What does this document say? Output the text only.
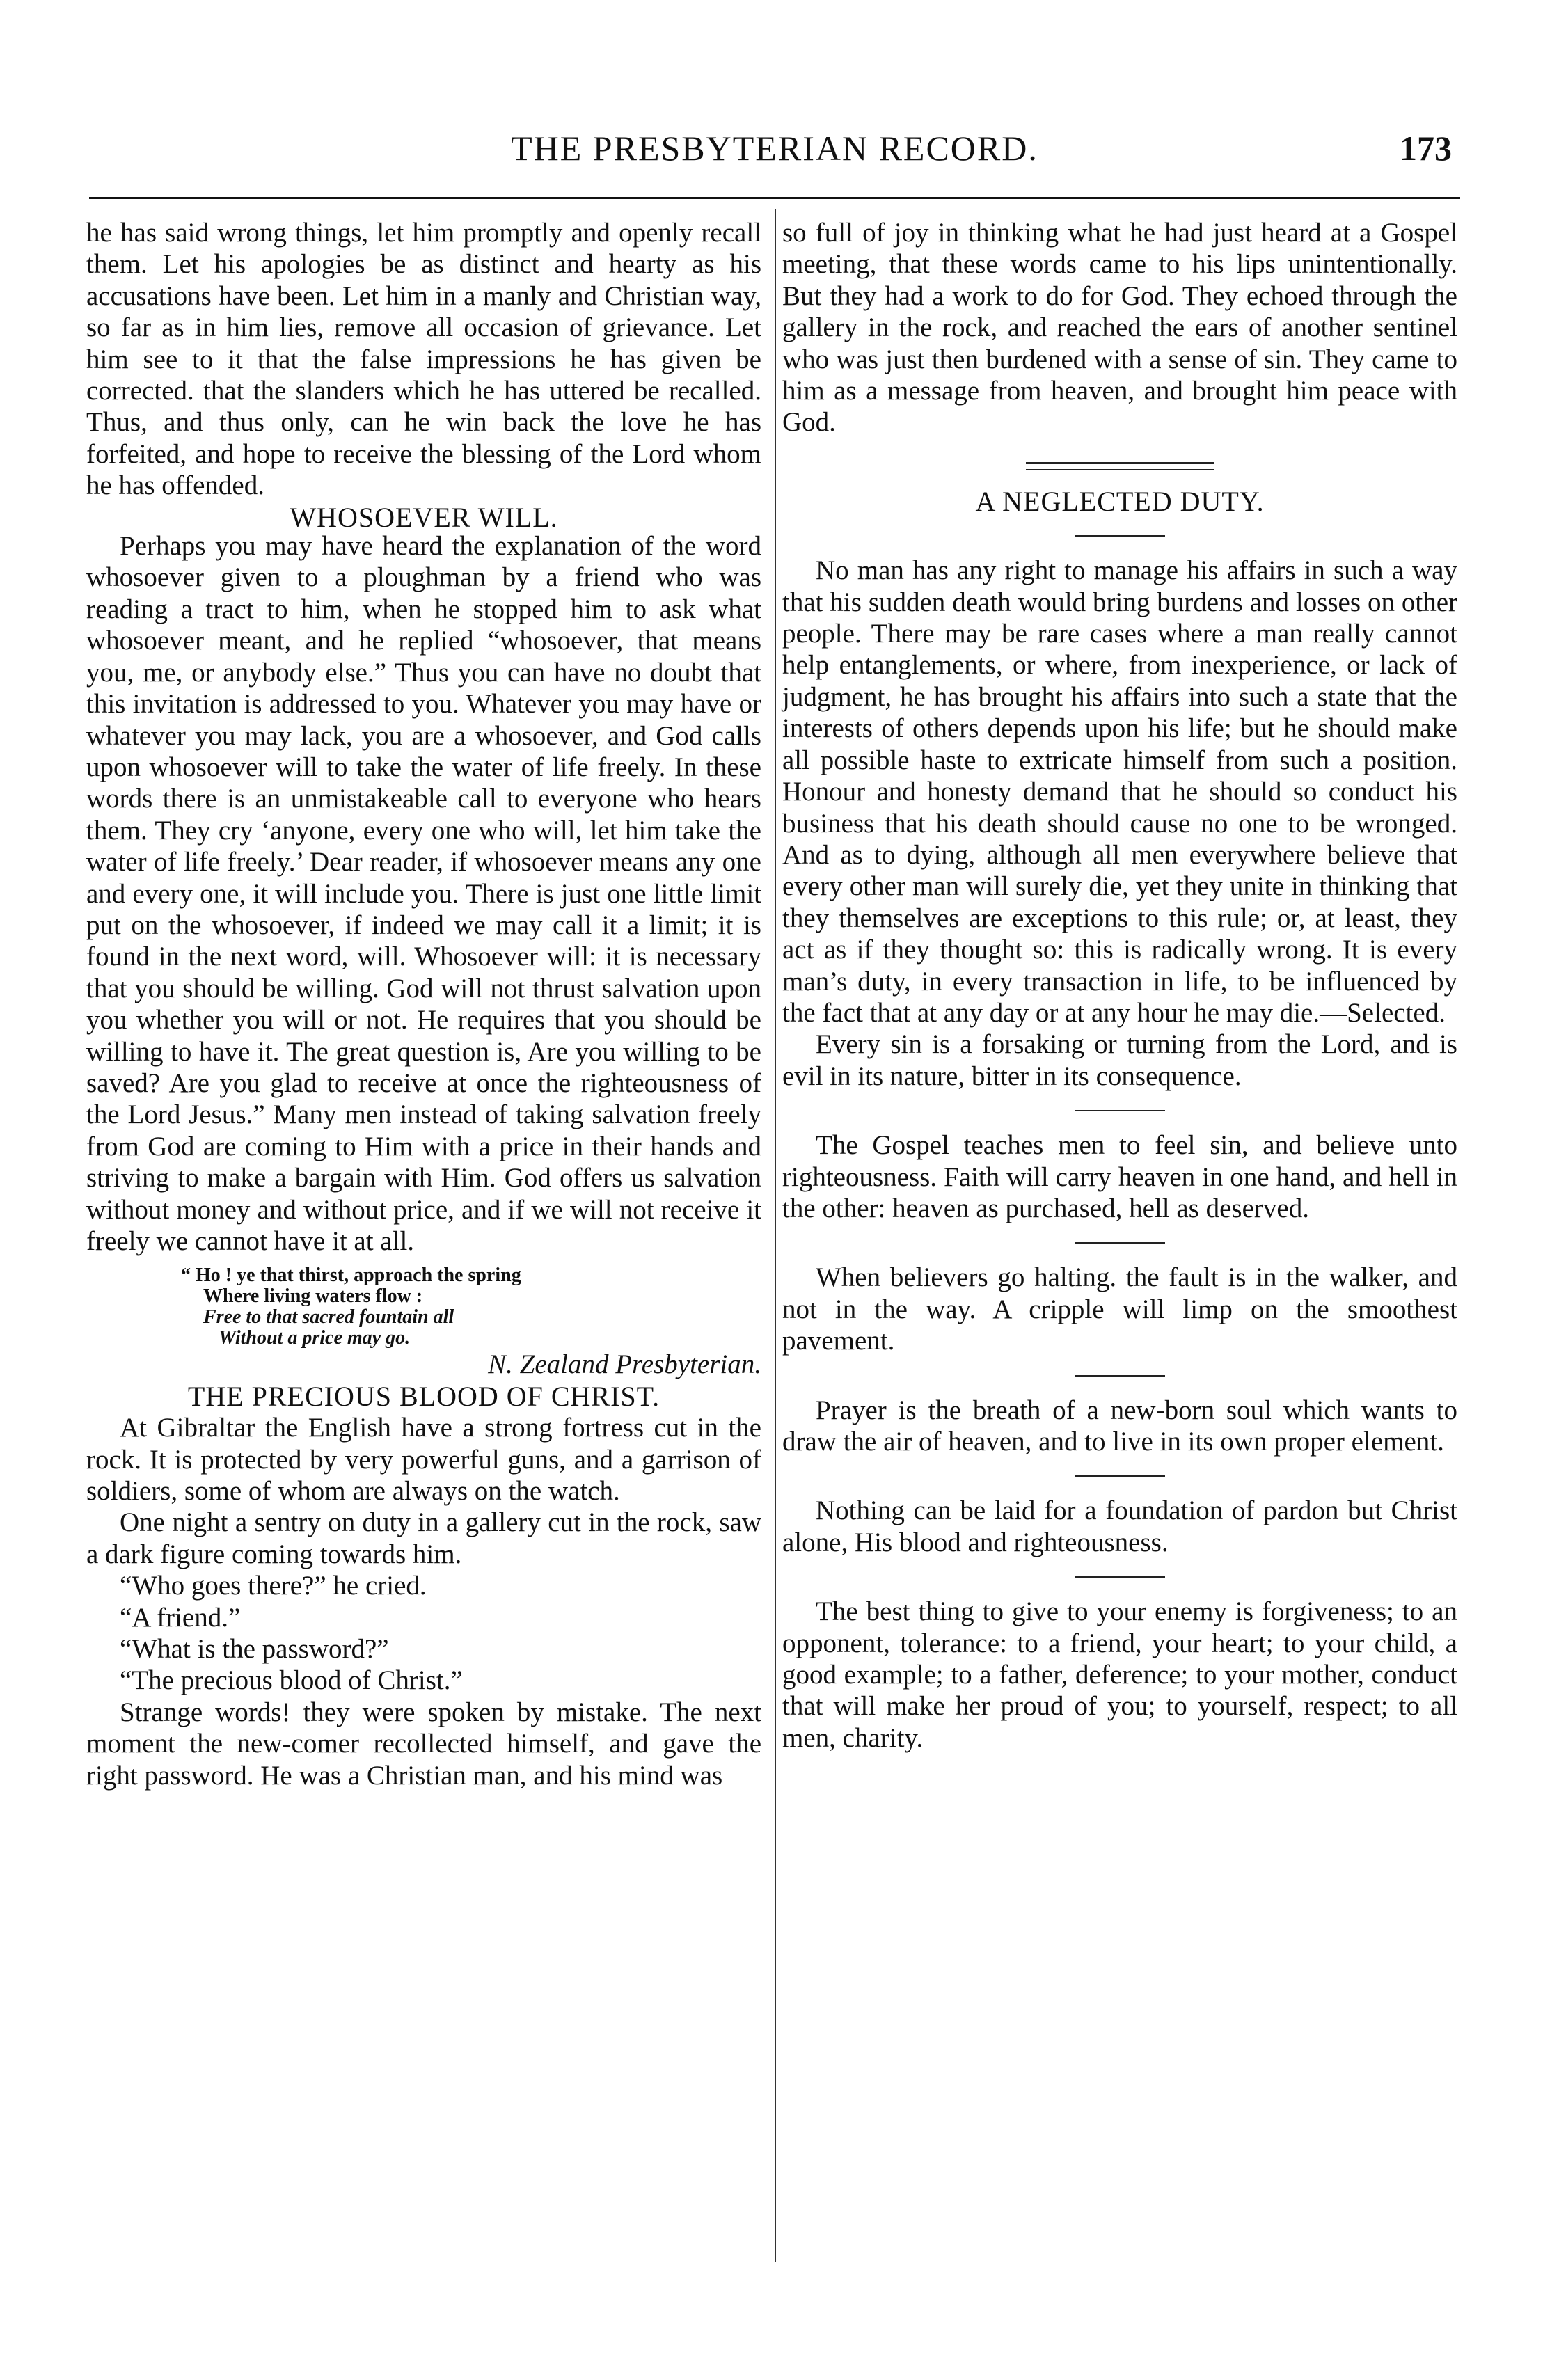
THE PRESBYTERIAN RECORD.	173

he has said wrong things, let him promptly and openly recall them. Let his apologies be as distinct and hearty as his accusations have been. Let him in a manly and Christian way, so far as in him lies, remove all occasion of grievance. Let him see to it that the false impressions he has given be corrected. that the slanders which he has uttered be recalled. Thus, and thus only, can he win back the love he has forfeited, and hope to receive the blessing of the Lord whom he has offended.

WHOSOEVER WILL.

Perhaps you may have heard the explanation of the word whosoever given to a ploughman by a friend who was reading a tract to him, when he stopped him to ask what whosoever meant, and he replied “whosoever, that means you, me, or anybody else.” Thus you can have no doubt that this invitation is addressed to you. Whatever you may have or whatever you may lack, you are a whosoever, and God calls upon whosoever will to take the water of life freely. In these words there is an unmistakeable call to everyone who hears them. They cry ‘anyone, every one who will, let him take the water of life freely.’ Dear reader, if whosoever means any one and every one, it will include you. There is just one little limit put on the whosoever, if indeed we may call it a limit; it is found in the next word, will. Whosoever will: it is necessary that you should be willing. God will not thrust salvation upon you whether you will or not. He requires that you should be willing to have it. The great question is, Are you willing to be saved? Are you glad to receive at once the righteousness of the Lord Jesus.” Many men instead of taking salvation freely from God are coming to Him with a price in their hands and striving to make a bargain with Him. God offers us salvation without money and without price, and if we will not receive it freely we cannot have it at all.

“ Ho ! ye that thirst, approach the spring
Where living waters flow :
Free to that sacred fountain all
Without a price may go.

N. Zealand Presbyterian.

THE PRECIOUS BLOOD OF CHRIST.

At Gibraltar the English have a strong fortress cut in the rock. It is protected by very powerful guns, and a garrison of soldiers, some of whom are always on the watch.

One night a sentry on duty in a gallery cut in the rock, saw a dark figure coming towards him.

“Who goes there?” he cried.

“A friend.”

“What is the password?”

“The precious blood of Christ.”

Strange words! they were spoken by mistake. The next moment the new-comer recollected himself, and gave the right password. He was a Christian man, and his mind was

so full of joy in thinking what he had just heard at a Gospel meeting, that these words came to his lips unintentionally. But they had a work to do for God. They echoed through the gallery in the rock, and reached the ears of another sentinel who was just then burdened with a sense of sin. They came to him as a message from heaven, and brought him peace with God.

A NEGLECTED DUTY.

No man has any right to manage his affairs in such a way that his sudden death would bring burdens and losses on other people. There may be rare cases where a man really cannot help entanglements, or where, from inexperience, or lack of judgment, he has brought his affairs into such a state that the interests of others depends upon his life; but he should make all possible haste to extricate himself from such a position. Honour and honesty demand that he should so conduct his business that his death should cause no one to be wronged. And as to dying, although all men everywhere believe that every other man will surely die, yet they unite in thinking that they themselves are exceptions to this rule; or, at least, they act as if they thought so: this is radically wrong. It is every man’s duty, in every transaction in life, to be influenced by the fact that at any day or at any hour he may die.—Selected.

Every sin is a forsaking or turning from the Lord, and is evil in its nature, bitter in its consequence.

The Gospel teaches men to feel sin, and believe unto righteousness. Faith will carry heaven in one hand, and hell in the other: heaven as purchased, hell as deserved.

When believers go halting. the fault is in the walker, and not in the way. A cripple will limp on the smoothest pavement.

Prayer is the breath of a new-born soul which wants to draw the air of heaven, and to live in its own proper element.

Nothing can be laid for a foundation of pardon but Christ alone, His blood and righteousness.

The best thing to give to your enemy is forgiveness; to an opponent, tolerance: to a friend, your heart; to your child, a good example; to a father, deference; to your mother, conduct that will make her proud of you; to yourself, respect; to all men, charity.
